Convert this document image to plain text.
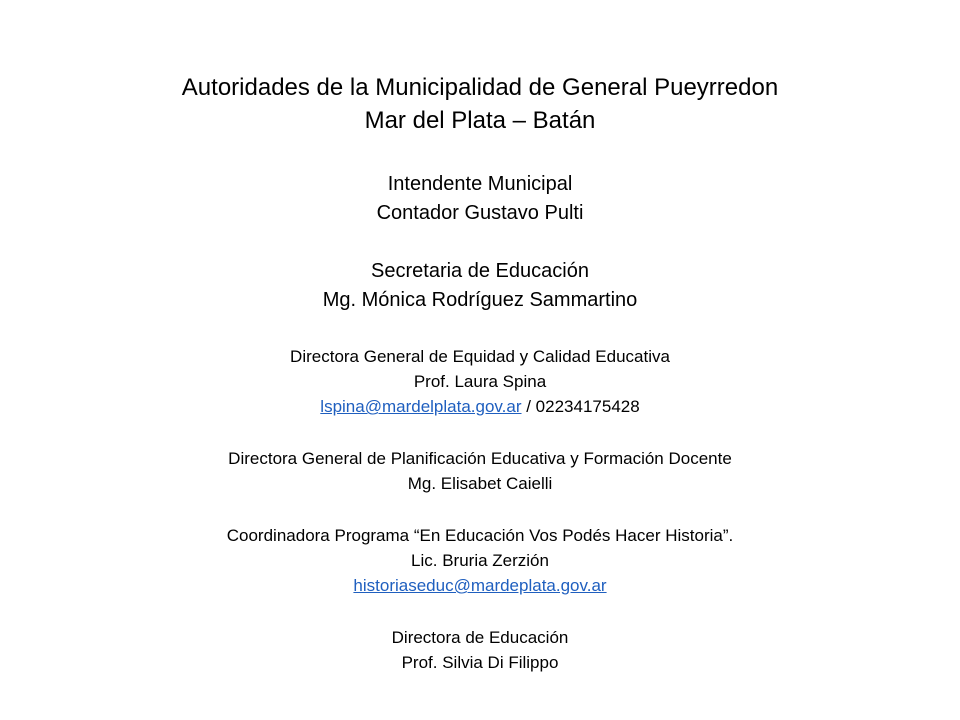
Autoridades de la Municipalidad de General Pueyrredon
Mar del Plata – Batán
Intendente Municipal
Contador Gustavo Pulti
Secretaria de Educación
Mg. Mónica Rodríguez Sammartino
Directora General de Equidad y Calidad Educativa
Prof. Laura Spina
lspina@mardelplata.gov.ar / 02234175428
Directora General de Planificación Educativa y Formación Docente
Mg. Elisabet Caielli
Coordinadora Programa “En Educación Vos Podés Hacer Historia”.
Lic. Bruria Zerzión
historiaseduc@mardeplata.gov.ar
Directora de Educación
Prof. Silvia Di Filippo
